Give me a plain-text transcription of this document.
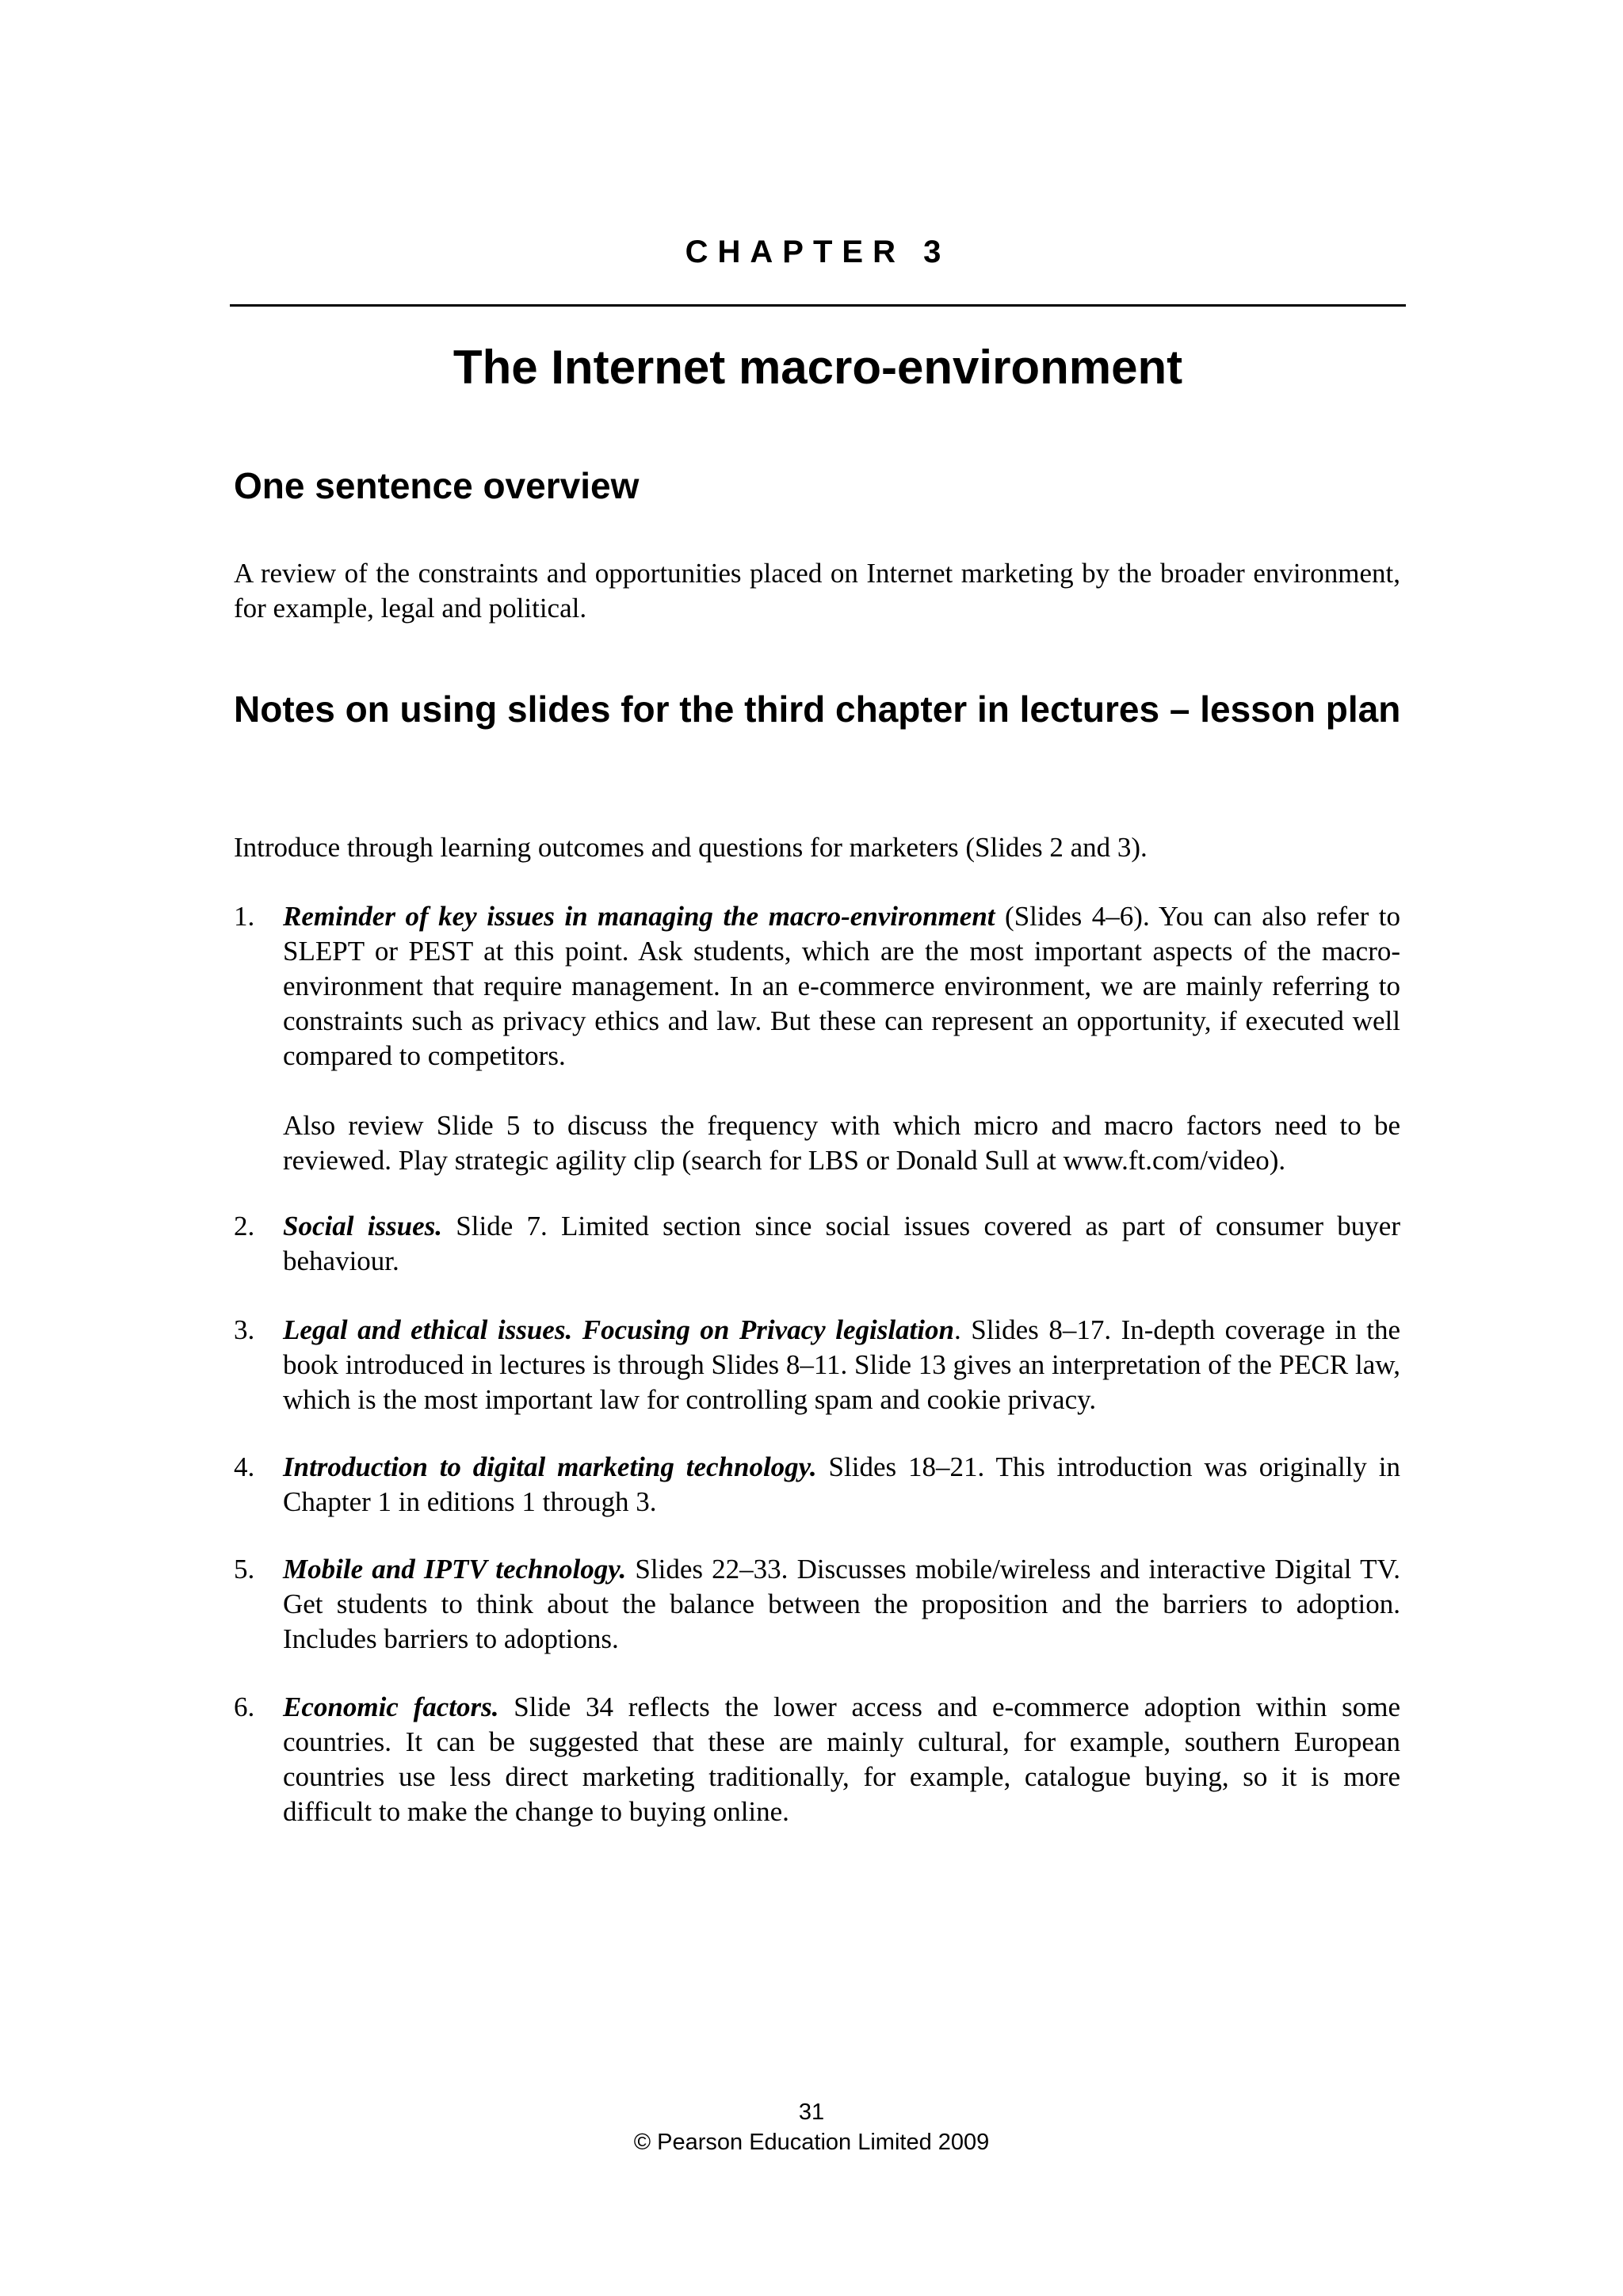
CHAPTER 3
The Internet macro-environment
One sentence overview
A review of the constraints and opportunities placed on Internet marketing by the broader environment, for example, legal and political.
Notes on using slides for the third chapter in lectures – lesson plan
Introduce through learning outcomes and questions for marketers (Slides 2 and 3).
1.	Reminder of key issues in managing the macro-environment (Slides 4–6). You can also refer to SLEPT or PEST at this point. Ask students, which are the most important aspects of the macro-environment that require management. In an e-commerce environment, we are mainly referring to constraints such as privacy ethics and law. But these can represent an opportunity, if executed well compared to competitors.

Also review Slide 5 to discuss the frequency with which micro and macro factors need to be reviewed. Play strategic agility clip (search for LBS or Donald Sull at www.ft.com/video).

2.	Social issues. Slide 7. Limited section since social issues covered as part of consumer buyer behaviour.

3.	Legal and ethical issues. Focusing on Privacy legislation. Slides 8–17. In-depth coverage in the book introduced in lectures is through Slides 8–11. Slide 13 gives an interpretation of the PECR law, which is the most important law for controlling spam and cookie privacy.

4.	Introduction to digital marketing technology. Slides 18–21. This introduction was originally in Chapter 1 in editions 1 through 3.

5.	Mobile and IPTV technology. Slides 22–33. Discusses mobile/wireless and interactive Digital TV. Get students to think about the balance between the proposition and the barriers to adoption. Includes barriers to adoptions.

6.	Economic factors. Slide 34 reflects the lower access and e-commerce adoption within some countries. It can be suggested that these are mainly cultural, for example, southern European countries use less direct marketing traditionally, for example, catalogue buying, so it is more difficult to make the change to buying online.

31
© Pearson Education Limited 2009
